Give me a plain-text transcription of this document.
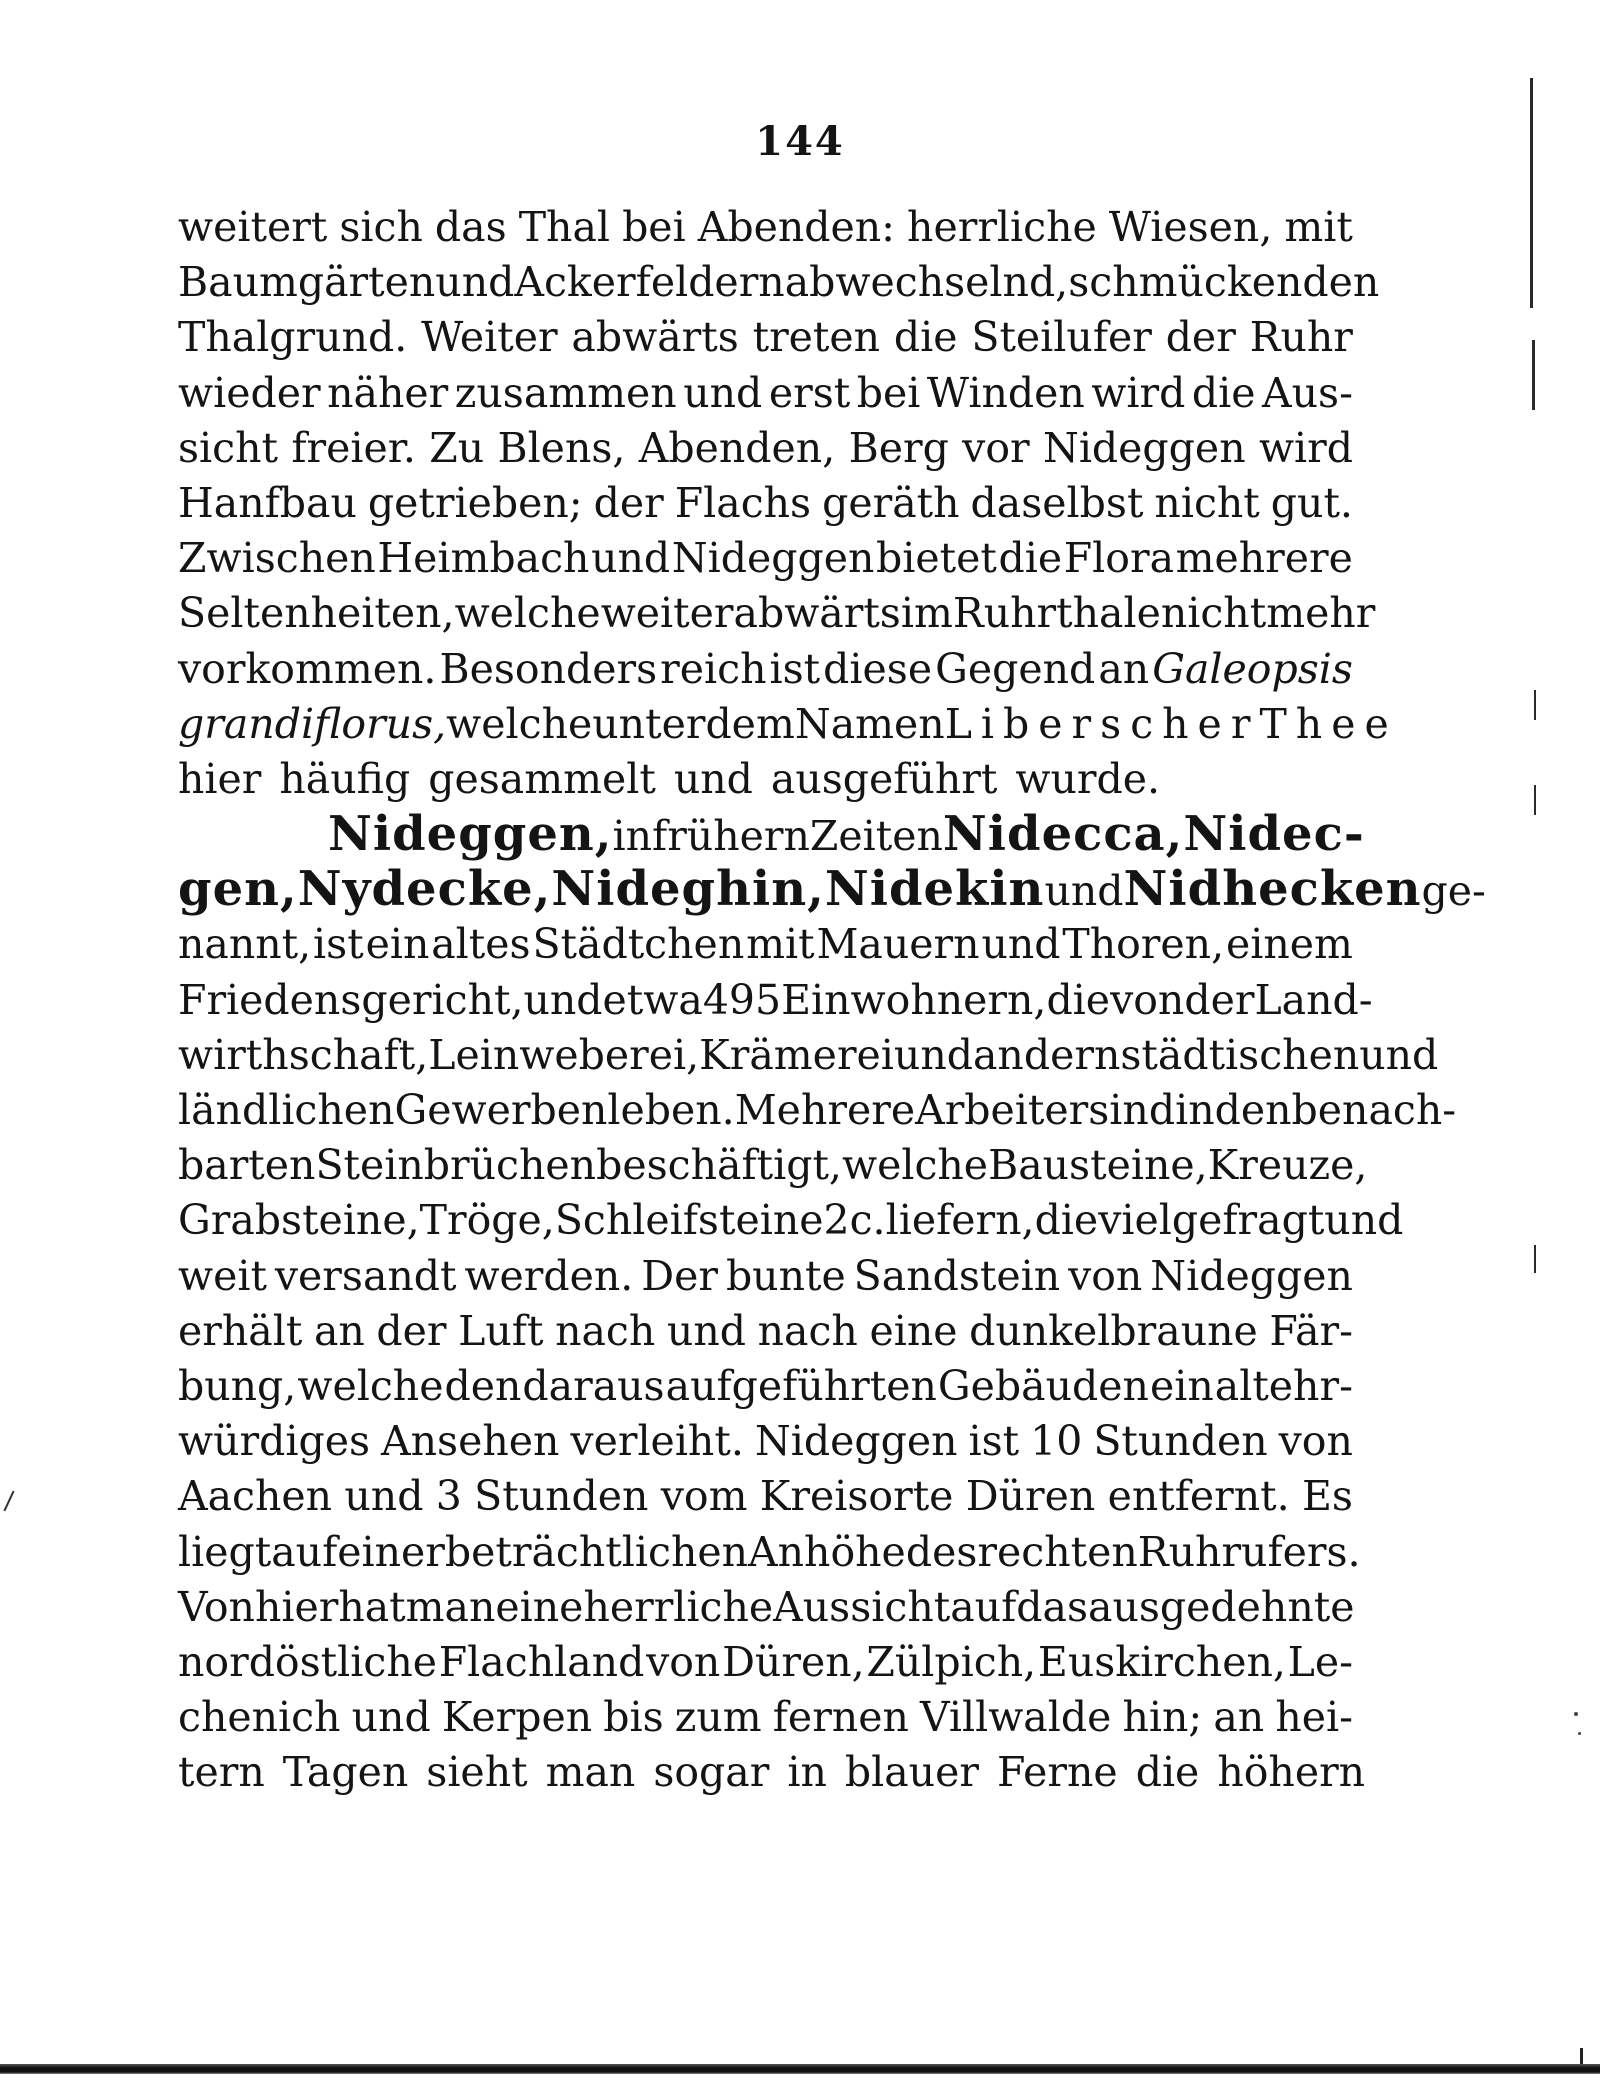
144
weitert sich das Thal bei Abenden: herrliche Wiesen, mit
Baumgärten und Ackerfeldern abwechselnd, schmücken den
Thalgrund. Weiter abwärts treten die Steilufer der Ruhr
wieder näher zusammen und erst bei Winden wird die Aus-
sicht freier. Zu Blens, Abenden, Berg vor Nideggen wird
Hanfbau getrieben; der Flachs geräth daselbst nicht gut.
Zwischen Heimbach und Nideggen bietet die Flora mehrere
Seltenheiten, welche weiter abwärts im Ruhrthale nicht mehr
vorkommen. Besonders reich ist diese Gegend an Galeopsis
grandiflorus, welche unter dem Namen Liberscher Thee
hier häufig gesammelt und ausgeführt wurde.
Nideggen, in frühern Zeiten Nidecca, Nidec-
gen, Nydecke, Nideghin, Nidekin und Nidhecken ge-
nannt, ist ein altes Städtchen mit Mauern und Thoren, einem
Friedensgericht, und etwa 495 Einwohnern, die von der Land-
wirthschaft, Leinweberei, Krämerei und andern städtischen und
ländlichen Gewerben leben. Mehrere Arbeiter sind in den benach-
barten Steinbrüchen beschäftigt, welche Bausteine, Kreuze,
Grabsteine, Tröge, Schleifsteine 2c. liefern, die viel gefragt und
weit versandt werden. Der bunte Sandstein von Nideggen
erhält an der Luft nach und nach eine dunkelbraune Fär-
bung, welche den daraus aufgeführten Gebäuden ein altehr-
würdiges Ansehen verleiht. Nideggen ist 10 Stunden von
Aachen und 3 Stunden vom Kreisorte Düren entfernt. Es
liegt auf einer beträchtlichen Anhöhe des rechten Ruhrufers.
Von hier hat man eine herrliche Aussicht auf das ausgedehnte
nordöstliche Flachland von Düren, Zülpich, Euskirchen, Le-
chenich und Kerpen bis zum fernen Villwalde hin; an hei-
tern Tagen sieht man sogar in blauer Ferne die höhern
